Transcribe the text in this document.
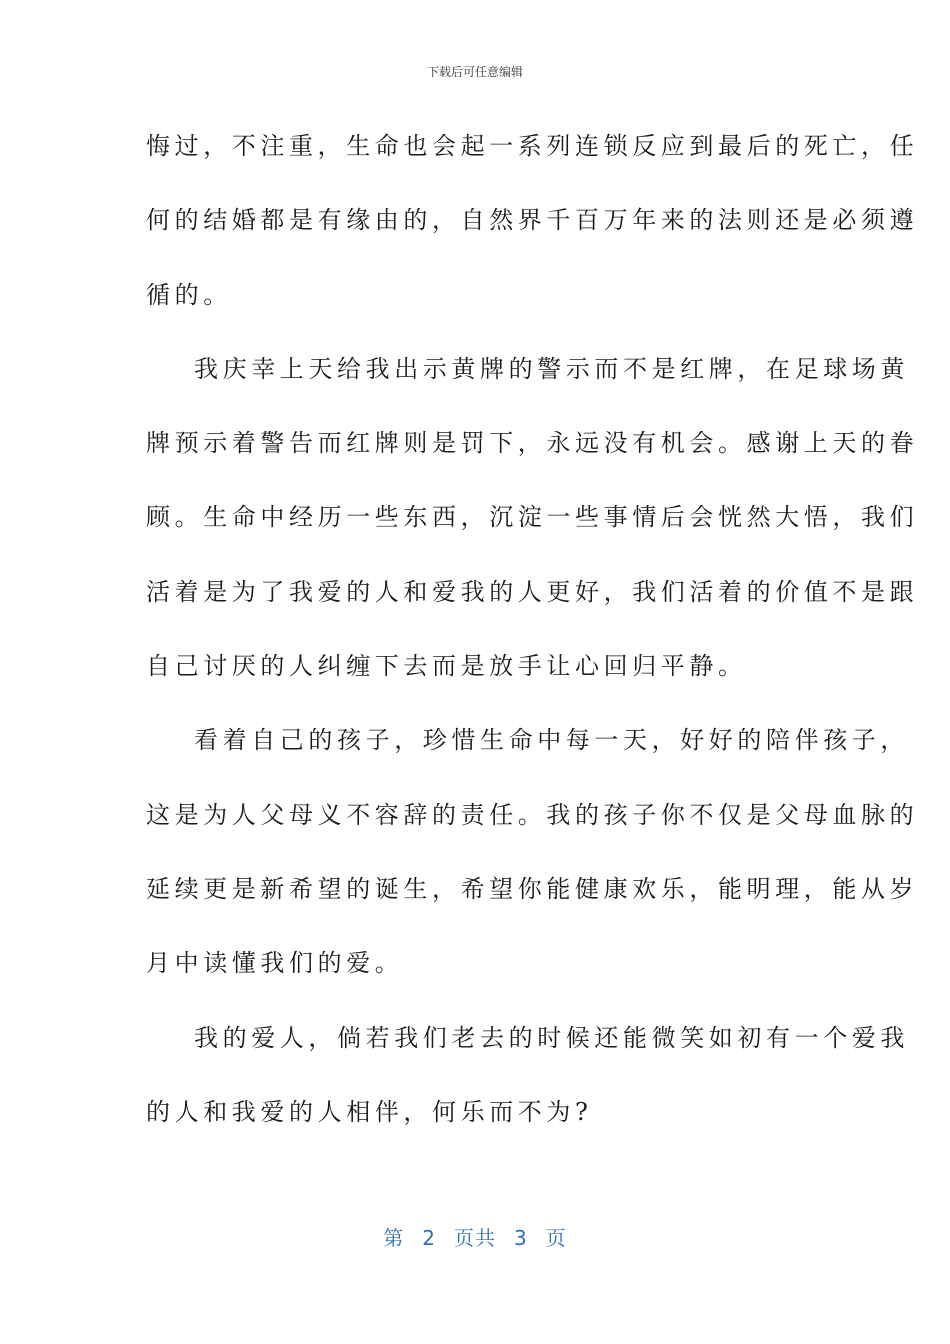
下载后可任意编辑
悔过，不注重，生命也会起一系列连锁反应到最后的死亡，任
何的结婚都是有缘由的，自然界千百万年来的法则还是必须遵
循的。
我庆幸上天给我出示黄牌的警示而不是红牌，在足球场黄
牌预示着警告而红牌则是罚下，永远没有机会。感谢上天的眷
顾。生命中经历一些东西，沉淀一些事情后会恍然大悟，我们
活着是为了我爱的人和爱我的人更好，我们活着的价值不是跟
自己讨厌的人纠缠下去而是放手让心回归平静。
看着自己的孩子，珍惜生命中每一天，好好的陪伴孩子，
这是为人父母义不容辞的责任。我的孩子你不仅是父母血脉的
延续更是新希望的诞生，希望你能健康欢乐，能明理，能从岁
月中读懂我们的爱。
我的爱人，倘若我们老去的时候还能微笑如初有一个爱我
的人和我爱的人相伴，何乐而不为?
第 2 页共 3 页
